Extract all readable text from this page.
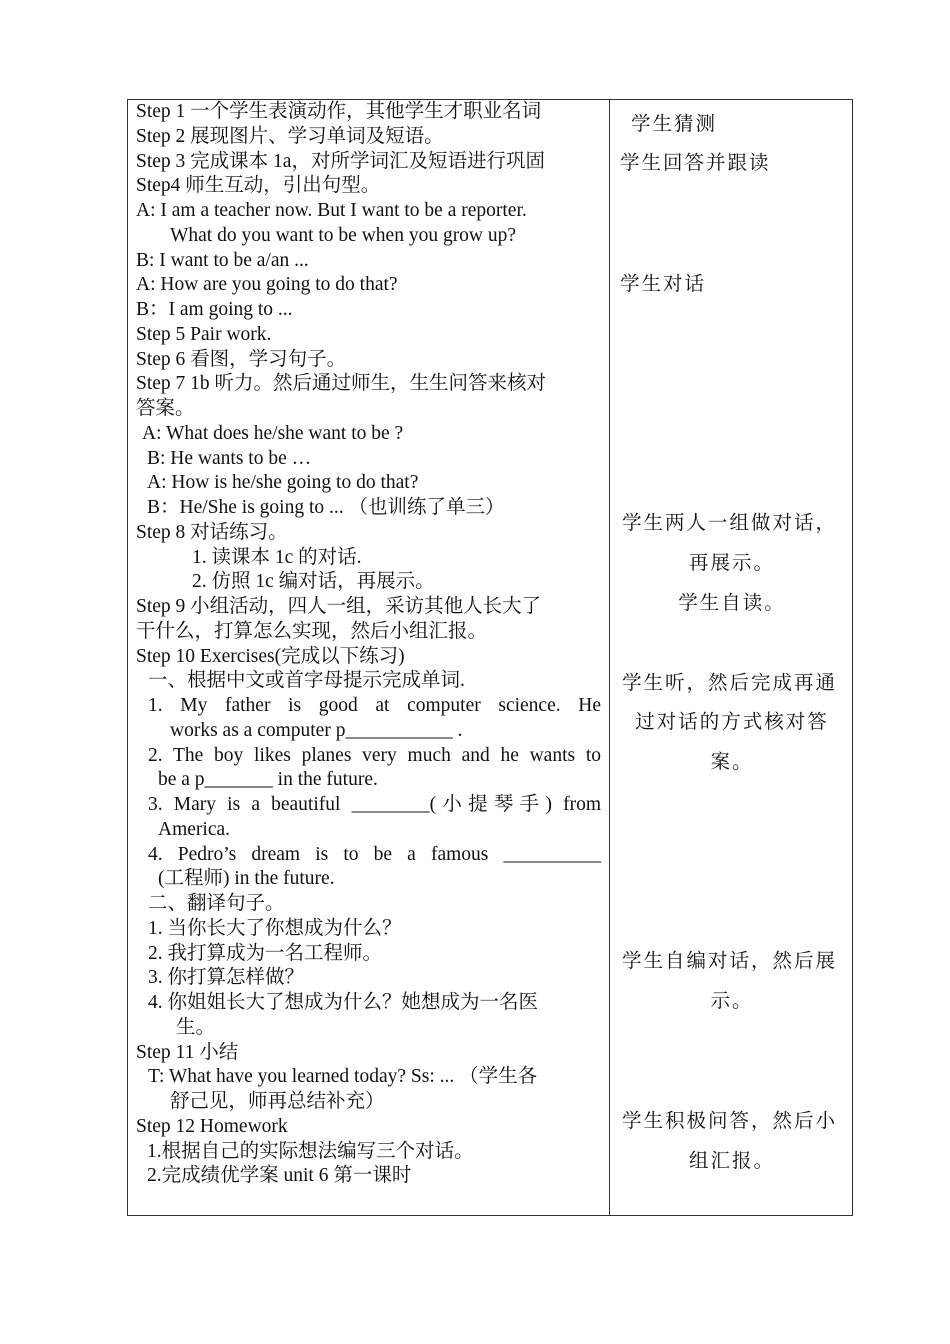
Step 1 一个学生表演动作，其他学生才职业名词
Step 2 展现图片、学习单词及短语。
Step 3 完成课本 1a，对所学词汇及短语进行巩固
Step4 师生互动，引出句型。
A: I am a teacher now. But I want to be a reporter.
What do you want to be when you grow up?
B: I want to be a/an ...
A: How are you going to do that?
B：I am going to ...
Step 5 Pair work.
Step 6 看图，学习句子。
Step 7 1b 听力。然后通过师生，生生问答来核对
答案。
A: What does he/she want to be ?
B: He wants to be …
A: How is he/she going to do that?
B：He/She is going to ... （也训练了单三）
Step 8 对话练习。
1. 读课本 1c 的对话.
2. 仿照 1c 编对话，再展示。
Step 9 小组活动，四人一组，采访其他人长大了
干什么，打算怎么实现，然后小组汇报。
Step 10 Exercises(完成以下练习)
一、根据中文或首字母提示完成单词.
1. My father is good at computer science. He
works as a computer p___________ .
2. The boy likes planes very much and he wants to
be a p_______ in the future.
3. Mary is a beautiful ________(小提琴手) from
America.
4. Pedro’s dream is to be a famous __________
(工程师) in the future.
二、翻译句子。
1. 当你长大了你想成为什么？
2. 我打算成为一名工程师。
3. 你打算怎样做？
4. 你姐姐长大了想成为什么？她想成为一名医
生。
Step 11 小结
T: What have you learned today? Ss: ... （学生各
舒己见，师再总结补充）
Step 12 Homework
1.根据自己的实际想法编写三个对话。
2.完成绩优学案 unit 6 第一课时
学生猜测
学生回答并跟读
学生对话
学生两人一组做对话，
再展示。
学生自读。
学生听，然后完成再通
过对话的方式核对答
案。
学生自编对话，然后展
示。
学生积极问答，然后小
组汇报。
